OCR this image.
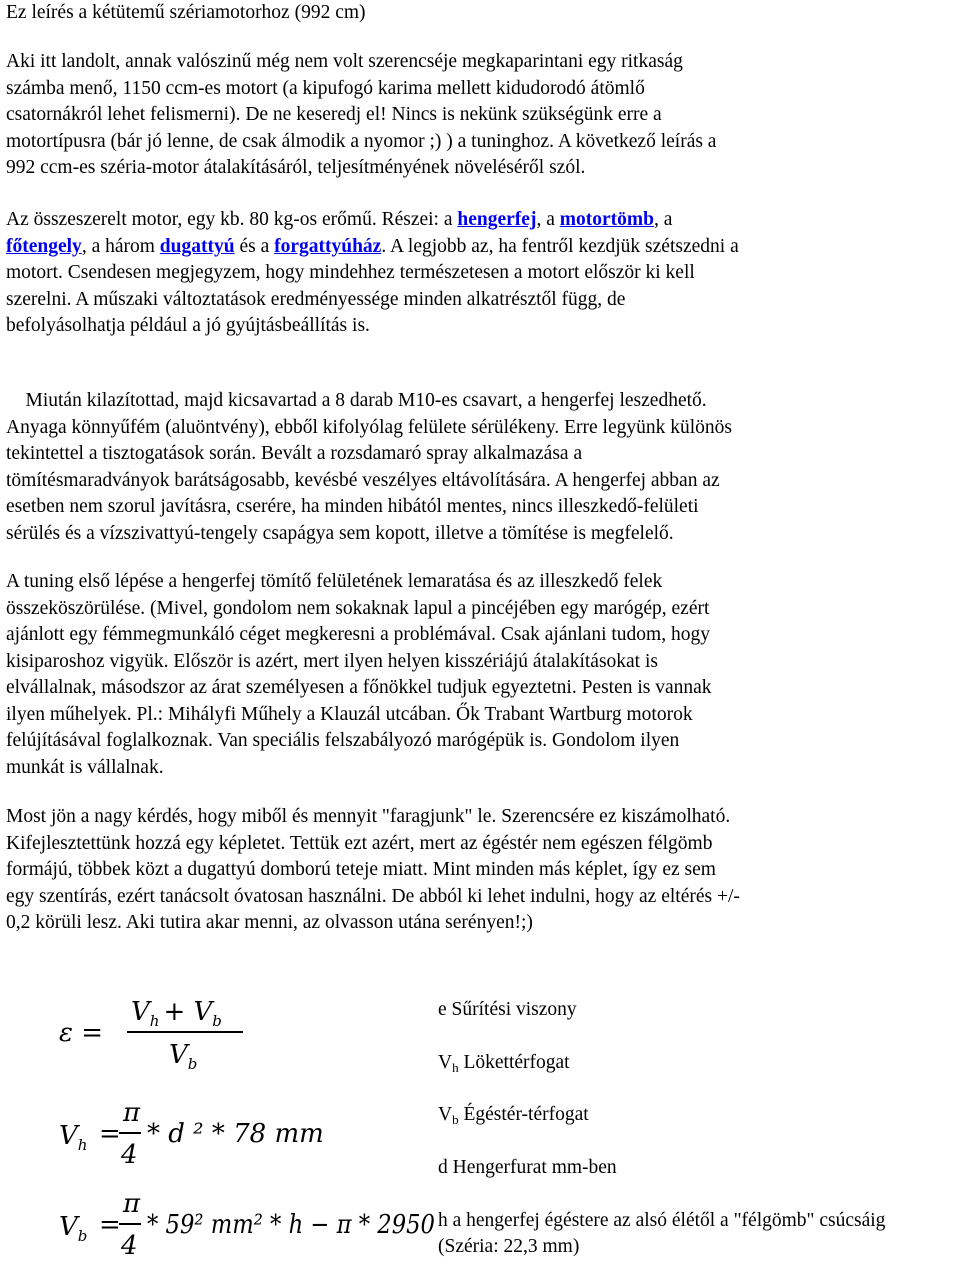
Ez leírés a kétütemű szériamotorhoz (992 cm)
Aki itt landolt, annak valószinű még nem volt szerencséje megkaparintani egy ritkaság
számba menő, 1150 ccm-es motort (a kipufogó karima mellett kidudorodó átömlő
csatornákról lehet felismerni). De ne keseredj el! Nincs is nekünk szükségünk erre a
motortípusra (bár jó lenne, de csak álmodik a nyomor ;) ) a tuninghoz. A következő leírás a
992 ccm-es széria-motor átalakításáról, teljesítményének növeléséről szól.
Az összeszerelt motor, egy kb. 80 kg-os erőmű. Részei: a hengerfej, a motortömb, a
főtengely, a három dugattyú és a forgattyúház. A legjobb az, ha fentről kezdjük szétszedni a
motort. Csendesen megjegyzem, hogy mindehhez természetesen a motort először ki kell
szerelni. A műszaki változtatások eredményessége minden alkatrésztől függ, de
befolyásolhatja például a jó gyújtásbeállítás is.
Miután kilazítottad, majd kicsavartad a 8 darab M10-es csavart, a hengerfej leszedhető.
Anyaga könnyűfém (aluöntvény), ebből kifolyólag felülete sérülékeny. Erre legyünk különös
tekintettel a tisztogatások során. Bevált a rozsdamaró spray alkalmazása a
tömítésmaradványok barátságosabb, kevésbé veszélyes eltávolítására. A hengerfej abban az
esetben nem szorul javításra, cserére, ha minden hibától mentes, nincs illeszkedő-felületi
sérülés és a vízszivattyú-tengely csapágya sem kopott, illetve a tömítése is megfelelő.
A tuning első lépése a hengerfej tömítő felületének lemaratása és az illeszkedő felek
összeköszörülése. (Mivel, gondolom nem sokaknak lapul a pincéjében egy marógép, ezért
ajánlott egy fémmegmunkáló céget megkeresni a problémával. Csak ajánlani tudom, hogy
kisiparoshoz vigyük. Először is azért, mert ilyen helyen kisszériájú átalakításokat is
elvállalnak, másodszor az árat személyesen a főnökkel tudjuk egyeztetni. Pesten is vannak
ilyen műhelyek. Pl.: Mihályfi Műhely a Klauzál utcában. Ők Trabant Wartburg motorok
felújításával foglalkoznak. Van speciális felszabályozó marógépük is. Gondolom ilyen
munkát is vállalnak.
Most jön a nagy kérdés, hogy miből és mennyit "faragjunk" le. Szerencsére ez kiszámolható.
Kifejlesztettünk hozzá egy képletet. Tettük ezt azért, mert az égéstér nem egészen félgömb
formájú, többek közt a dugattyú domború teteje miatt. Mint minden más képlet, így ez sem
egy szentírás, ezért tanácsolt óvatosan használni. De abból ki lehet indulni, hogy az eltérés +/-
0,2 körüli lesz. Aki tutira akar menni, az olvasson utána serényen!;)
ε =
$V_h + V_b$
$V_b$
$V_h$ =
π
4
* d ² * 78 mm
$V_b$ =
π
4
* 59² mm² * h − π * 2950
e Sűrítési viszony
$V_h$ Lökettérfogat
$V_b$ Égéstér-térfogat
d Hengerfurat mm-ben
h a hengerfej égéstere az alsó élétől a "félgömb" csúcsáig
(Széria: 22,3 mm)
